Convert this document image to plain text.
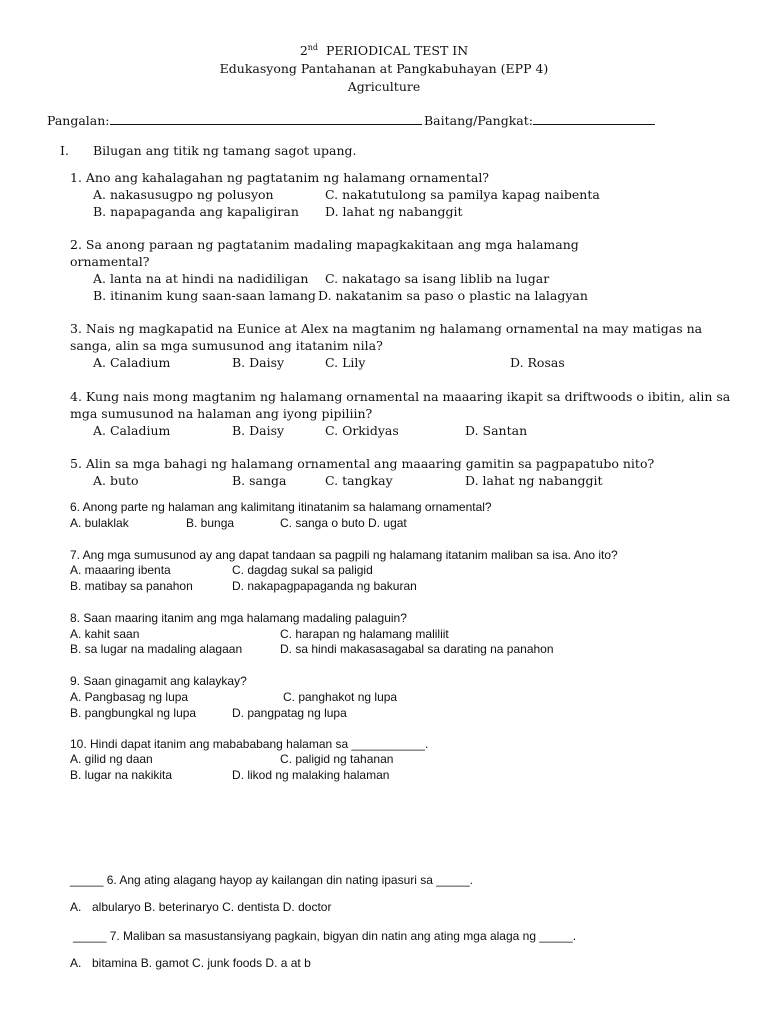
2nd PERIODICAL TEST IN
Edukasyong Pantahanan at Pangkabuhayan (EPP 4)
Agriculture
Pangalan:	Baitang/Pangkat:
I. Bilugan ang titik ng tamang sagot upang.
1. Ano ang kahalagahan ng pagtatanim ng halamang ornamental?
A. nakasusugpo ng polusyon	C. nakatutulong sa pamilya kapag naibenta
B. napapaganda ang kapaligiran D. lahat ng nabanggit
2. Sa anong paraan ng pagtatanim madaling mapagkakitaan ang mga halamang
ornamental?
A. lanta na at hindi na nadidiligan C. nakatago sa isang liblib na lugar
B. itinanim kung saan-saan lamang D. nakatanim sa paso o plastic na lalagyan
3. Nais ng magkapatid na Eunice at Alex na magtanim ng halamang ornamental na may matigas na
sanga, alin sa mga sumusunod ang itatanim nila?
A. Caladium	B. Daisy	C. Lily	D. Rosas
4. Kung nais mong magtanim ng halamang ornamental na maaaring ikapit sa driftwoods o ibitin, alin sa
mga sumusunod na halaman ang iyong pipiliin?
A. Caladium	B. Daisy	C. Orkidyas	D. Santan
5. Alin sa mga bahagi ng halamang ornamental ang maaaring gamitin sa pagpapatubo nito?
A. buto	B. sanga	C. tangkay	D. lahat ng nabanggit
6. Anong parte ng halaman ang kalimitang itinatanim sa halamang ornamental?
A. bulaklak	B. bunga	C. sanga o buto D. ugat
7. Ang mga sumusunod ay ang dapat tandaan sa pagpili ng halamang itatanim maliban sa isa. Ano ito?
A. maaaring ibenta	C. dagdag sukal sa paligid
B. matibay sa panahon	D. nakapagpapaganda ng bakuran
8. Saan maaring itanim ang mga halamang madaling palaguin?
A. kahit saan	C. harapan ng halamang maliliit
B. sa lugar na madaling alagaan	D. sa hindi makasasagabal sa darating na panahon
9. Saan ginagamit ang kalaykay?
A. Pangbasag ng lupa	C. panghakot ng lupa
B. pangbungkal ng lupa	D. pangpatag ng lupa
10. Hindi dapat itanim ang mabababang halaman sa ___________.
A. gilid ng daan	C. paligid ng tahanan
B. lugar na nakikita	D. likod ng malaking halaman
_____ 6. Ang ating alagang hayop ay kailangan din nating ipasuri sa _____.
A. albularyo B. beterinaryo C. dentista D. doctor
_____ 7. Maliban sa masustansiyang pagkain, bigyan din natin ang ating mga alaga ng _____.
A. bitamina B. gamot C. junk foods D. a at b
